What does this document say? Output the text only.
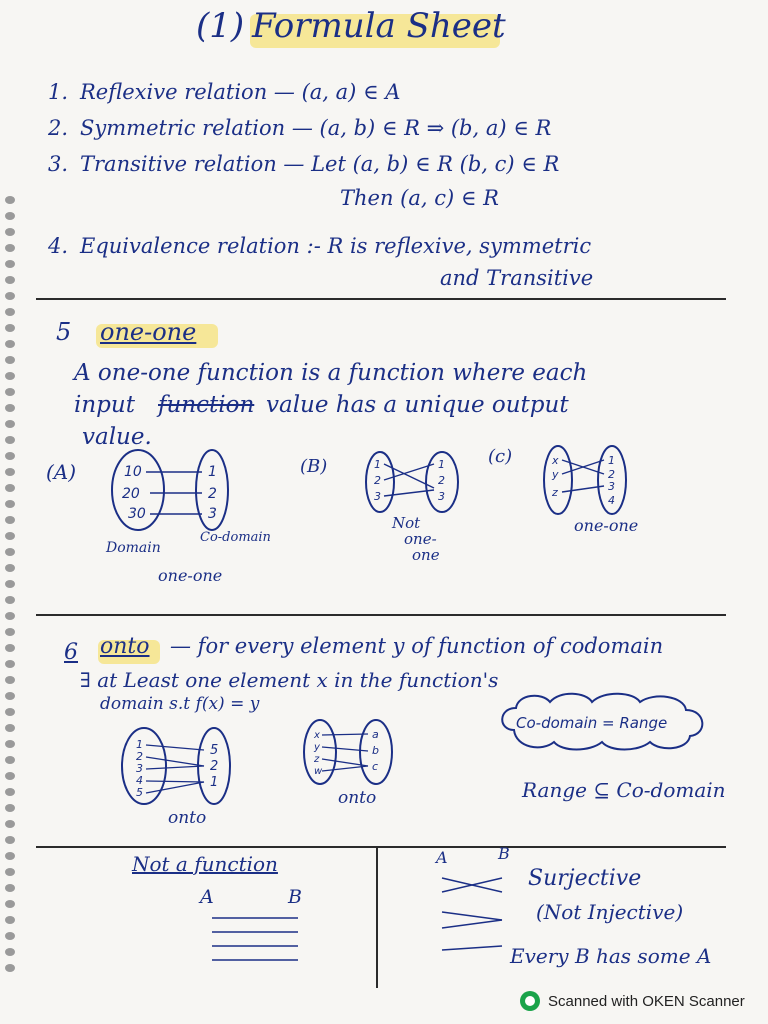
(1) Formula Sheet
1. Reflexive relation — (a, a) ∈ A
2. Symmetric relation — (a, b) ∈ R ⇒ (b, a) ∈ R
3. Transitive relation — Let (a, b) ∈ R (b, c) ∈ R
Then (a, c) ∈ R
4. Equivalence relation :- R is reflexive, symmetric
and Transitive
5 one-one
A one-one function is a function where each
input function value has a unique output
value.
(A)	10
20
30
1
2
3
Domain
Co-domain
one-one
(B)	1
2
3
1
2
3
Not
one-
one
(c)	x
y
z
1
2
3
4
one-one
6 onto — for every element y of function of codomain
∃ at Least one element x in the function's
domain s.t f(x) = y
Co-domain = Range
Range ⊆ Co-domain
1
2
3
4
5
5
2
1
onto
x
y
z
w
a
b
c
onto
Not a function
A	B
A	B
Surjective
(Not Injective)
Every B has some A
Scanned with OKEN Scanner
